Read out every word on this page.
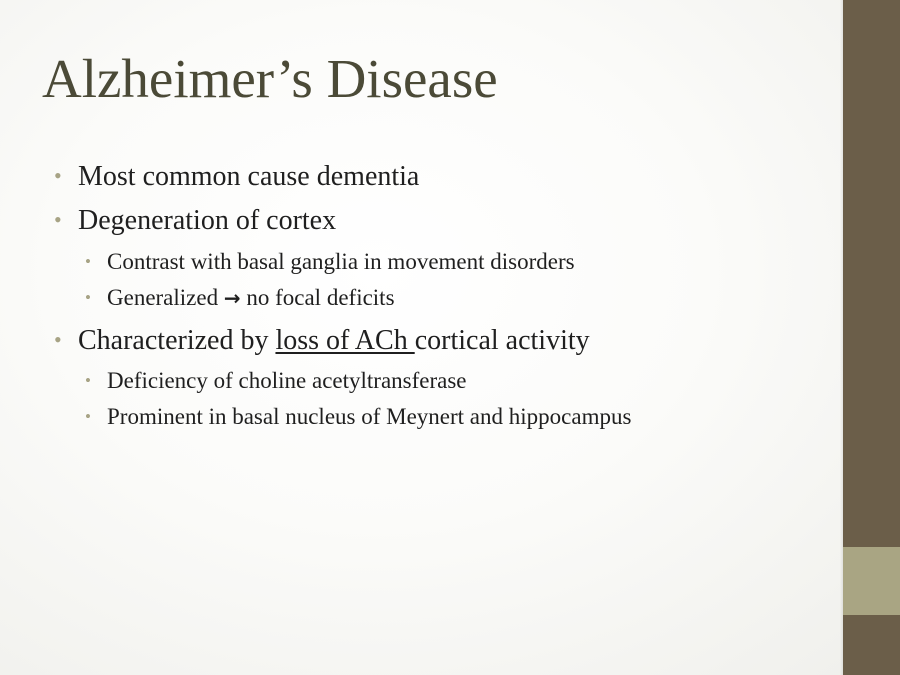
Alzheimer’s Disease
• Most common cause dementia
• Degeneration of cortex
• Contrast with basal ganglia in movement disorders
• Generalized → no focal deficits
• Characterized by loss of ACh cortical activity
• Deficiency of choline acetyltransferase
• Prominent in basal nucleus of Meynert and hippocampus
